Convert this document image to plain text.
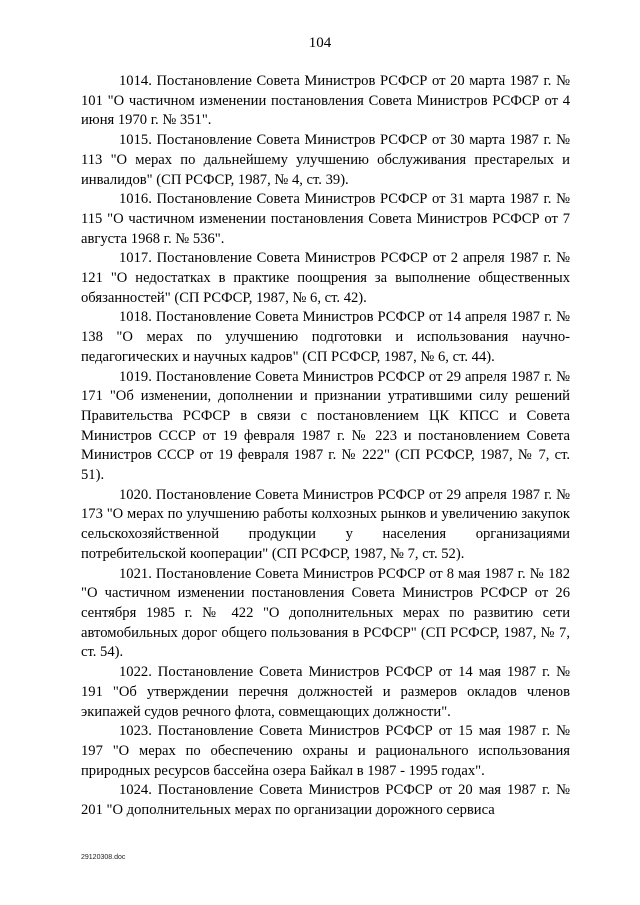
104

1014. Постановление Совета Министров РСФСР от 20 марта 1987 г. № 101 "О частичном изменении постановления Совета Министров РСФСР от 4 июня 1970 г. № 351".

1015. Постановление Совета Министров РСФСР от 30 марта 1987 г. № 113 "О мерах по дальнейшему улучшению обслуживания престарелых и инвалидов" (СП РСФСР, 1987, № 4, ст. 39).

1016. Постановление Совета Министров РСФСР от 31 марта 1987 г. № 115 "О частичном изменении постановления Совета Министров РСФСР от 7 августа 1968 г. № 536".

1017. Постановление Совета Министров РСФСР от 2 апреля 1987 г. № 121 "О недостатках в практике поощрения за выполнение общественных обязанностей" (СП РСФСР, 1987, № 6, ст. 42).

1018. Постановление Совета Министров РСФСР от 14 апреля 1987 г. № 138 "О мерах по улучшению подготовки и использования научно-педагогических и научных кадров" (СП РСФСР, 1987, № 6, ст. 44).

1019. Постановление Совета Министров РСФСР от 29 апреля 1987 г. № 171 "Об изменении, дополнении и признании утратившими силу решений Правительства РСФСР в связи с постановлением ЦК КПСС и Совета Министров СССР от 19 февраля 1987 г. № 223 и постановлением Совета Министров СССР от 19 февраля 1987 г. № 222" (СП РСФСР, 1987, № 7, ст. 51).

1020. Постановление Совета Министров РСФСР от 29 апреля 1987 г. № 173 "О мерах по улучшению работы колхозных рынков и увеличению закупок сельскохозяйственной продукции у населения организациями потребительской кооперации" (СП РСФСР, 1987, № 7, ст. 52).

1021. Постановление Совета Министров РСФСР от 8 мая 1987 г. № 182 "О частичном изменении постановления Совета Министров РСФСР от 26 сентября 1985 г. № 422 "О дополнительных мерах по развитию сети автомобильных дорог общего пользования в РСФСР" (СП РСФСР, 1987, № 7, ст. 54).

1022. Постановление Совета Министров РСФСР от 14 мая 1987 г. № 191 "Об утверждении перечня должностей и размеров окладов членов экипажей судов речного флота, совмещающих должности".

1023. Постановление Совета Министров РСФСР от 15 мая 1987 г. № 197 "О мерах по обеспечению охраны и рационального использования природных ресурсов бассейна озера Байкал в 1987 - 1995 годах".

1024. Постановление Совета Министров РСФСР от 20 мая 1987 г. № 201 "О дополнительных мерах по организации дорожного сервиса

29120308.doc
